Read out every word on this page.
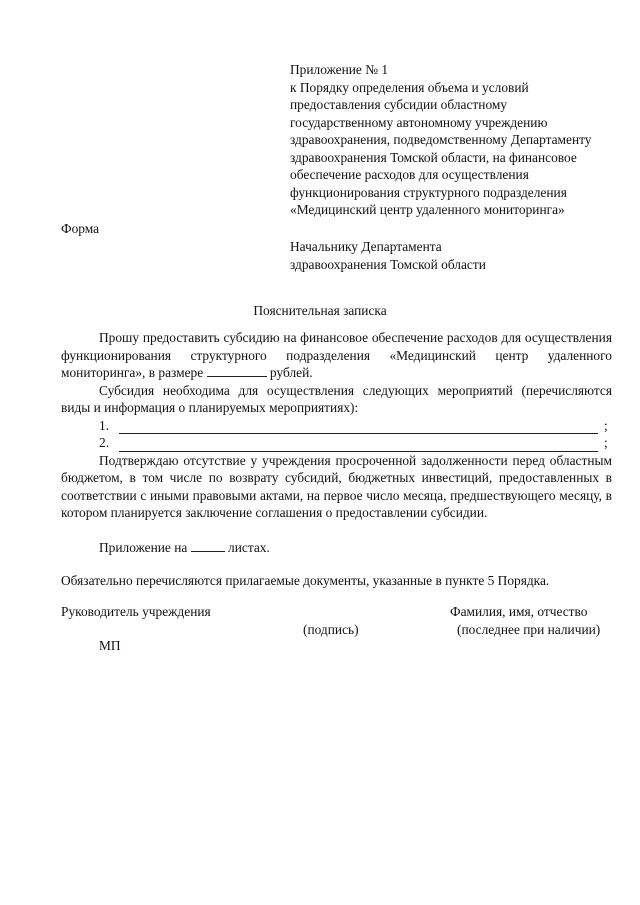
Приложение № 1
к Порядку определения объема и условий
предоставления субсидии областному
государственному автономному учреждению
здравоохранения, подведомственному Департаменту
здравоохранения Томской области, на финансовое
обеспечение расходов для осуществления
функционирования структурного подразделения
«Медицинский центр удаленного мониторинга»
Форма
Начальнику Департамента
здравоохранения Томской области
Пояснительная записка

Прошу предоставить субсидию на финансовое обеспечение расходов для осуществления функционирования структурного подразделения «Медицинский центр удаленного мониторинга», в размере	рублей.

Субсидия необходима для осуществления следующих мероприятий (перечисляются виды и информация о планируемых мероприятиях):

1.	;
2.	;

Подтверждаю отсутствие у учреждения просроченной задолженности перед областным бюджетом, в том числе по возврату субсидий, бюджетных инвестиций, предоставленных в соответствии с иными правовыми актами, на первое число месяца, предшествующего месяцу, в котором планируется заключение соглашения о предоставлении субсидии.

Приложение на	листах.
Обязательно перечисляются прилагаемые документы, указанные в пункте 5 Порядка.
Руководитель учреждения	Фамилия, имя, отчество
(подпись)	(последнее при наличии)
МП
